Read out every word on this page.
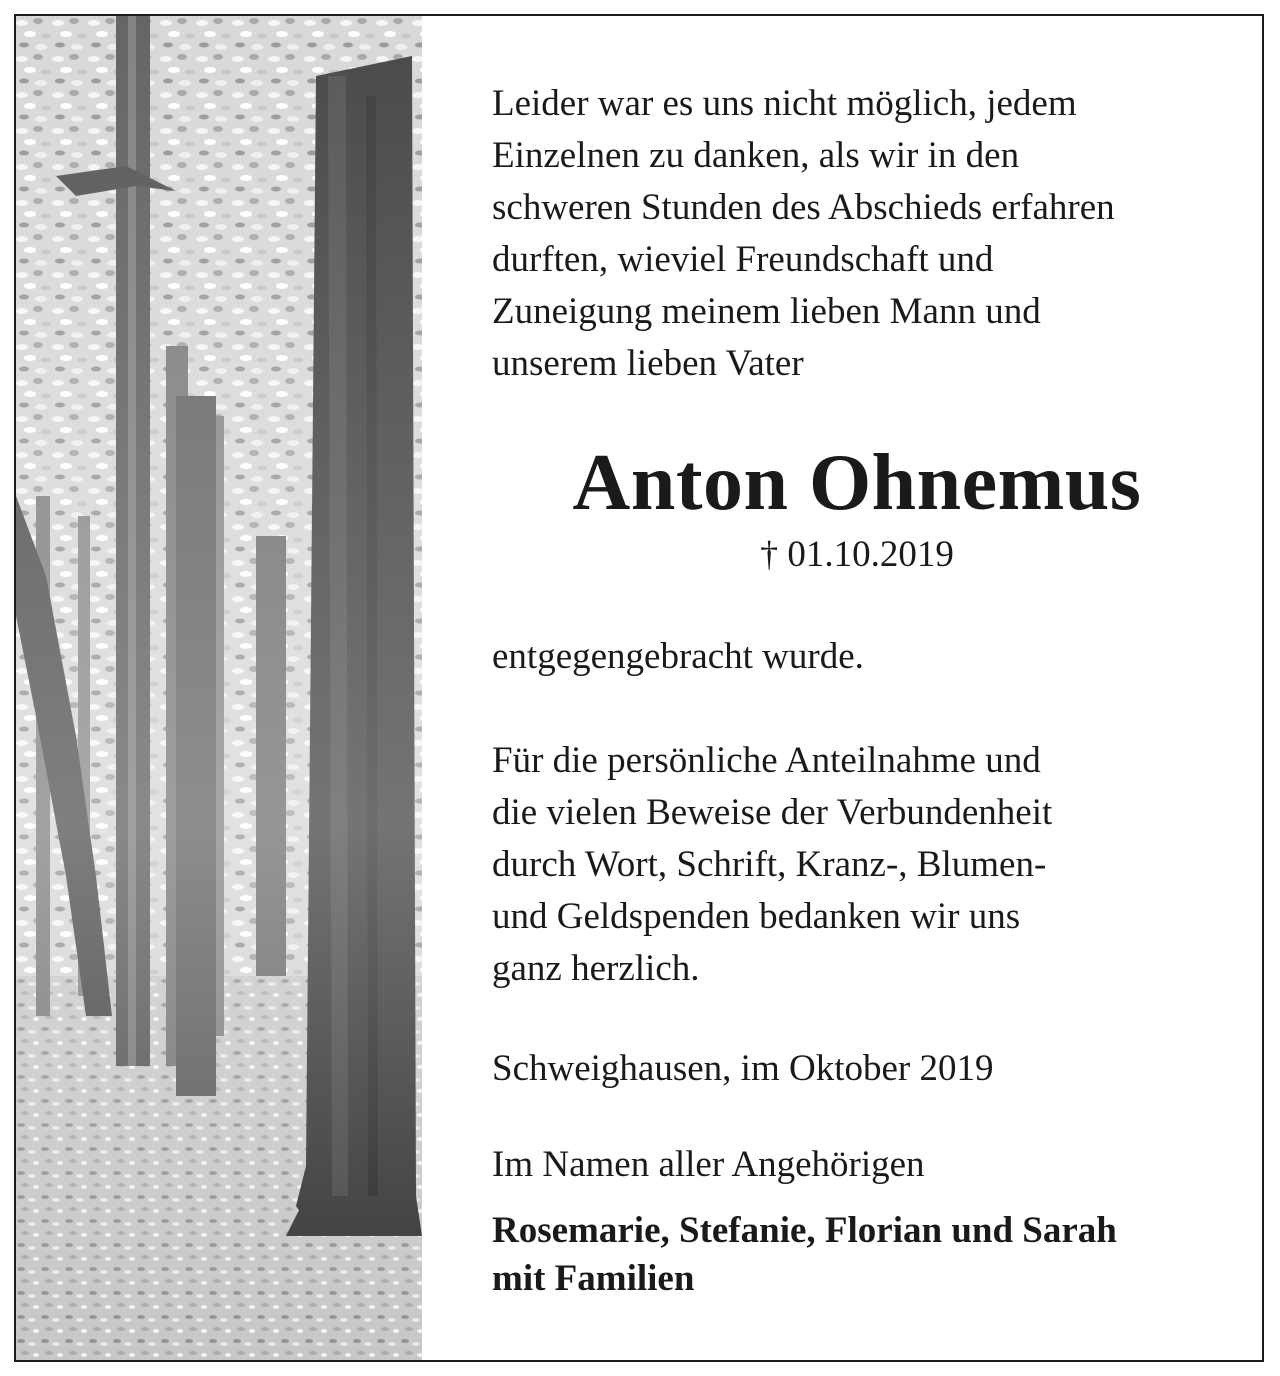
Leider war es uns nicht möglich, jedem
Einzelnen zu danken, als wir in den
schweren Stunden des Abschieds erfahren
durften, wieviel Freundschaft und
Zuneigung meinem lieben Mann und
unserem lieben Vater

Anton Ohnemus

† 01.10.2019

entgegengebracht wurde.

Für die persönliche Anteilnahme und
die vielen Beweise der Verbundenheit
durch Wort, Schrift, Kranz-, Blumen-
und Geldspenden bedanken wir uns
ganz herzlich.

Schweighausen, im Oktober 2019

Im Namen aller Angehörigen

Rosemarie, Stefanie, Florian und Sarah
mit Familien
